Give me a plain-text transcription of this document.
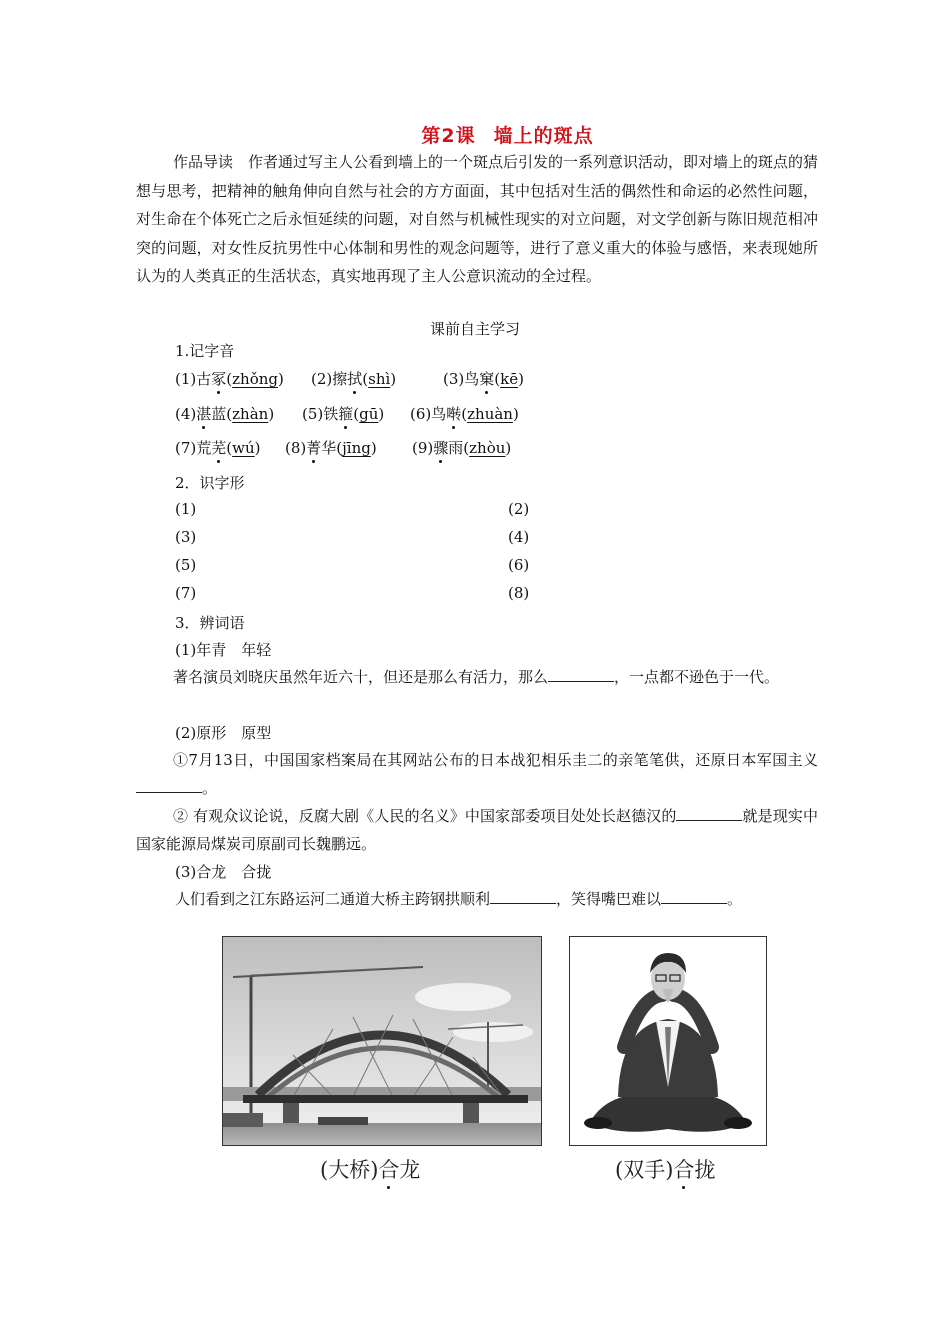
第2课 墙上的斑点
作品导读　作者通过写主人公看到墙上的一个斑点后引发的一系列意识活动，即对墙上的斑点的猜想与思考，把精神的触角伸向自然与社会的方方面面，其中包括对生活的偶然性和命运的必然性问题，对生命在个体死亡之后永恒延续的问题，对自然与机械性现实的对立问题，对文学创新与陈旧规范相冲突的问题，对女性反抗男性中心体制和男性的观念问题等，进行了意义重大的体验与感悟，来表现她所认为的人类真正的生活状态，真实地再现了主人公意识流动的全过程。
课前自主学习
1.记字音
(1)古冢(zhǒng) (2)擦拭(shì)	(3)鸟窠(kē)
(4)湛蓝(zhàn) (5)铁箍(gū) (6)鸟啭(zhuàn)
(7)荒芜(wú) (8)菁华(jīng) (9)骤雨(zhòu)
2．识字形
(1)	(2)
(3)	(4)
(5)	(6)
(7)	(8)
3．辨词语
(1)年青　年轻
著名演员刘晓庆虽然年近六十，但还是那么有活力，那么	，一点都不逊色于一代。
(2)原形　原型
①7月13日，中国国家档案局在其网站公布的日本战犯相乐圭二的亲笔笔供，还原日本军国主义。
② 有观众议论说，反腐大剧《人民的名义》中国家部委项目处处长赵德汉的	就是现实中国家能源局煤炭司原副司长魏鹏远。
(3)合龙　合拢
人们看到之江东路运河二通道大桥主跨钢拱顺利	，笑得嘴巴难以	。
(大桥)合龙	(双手)合拢
